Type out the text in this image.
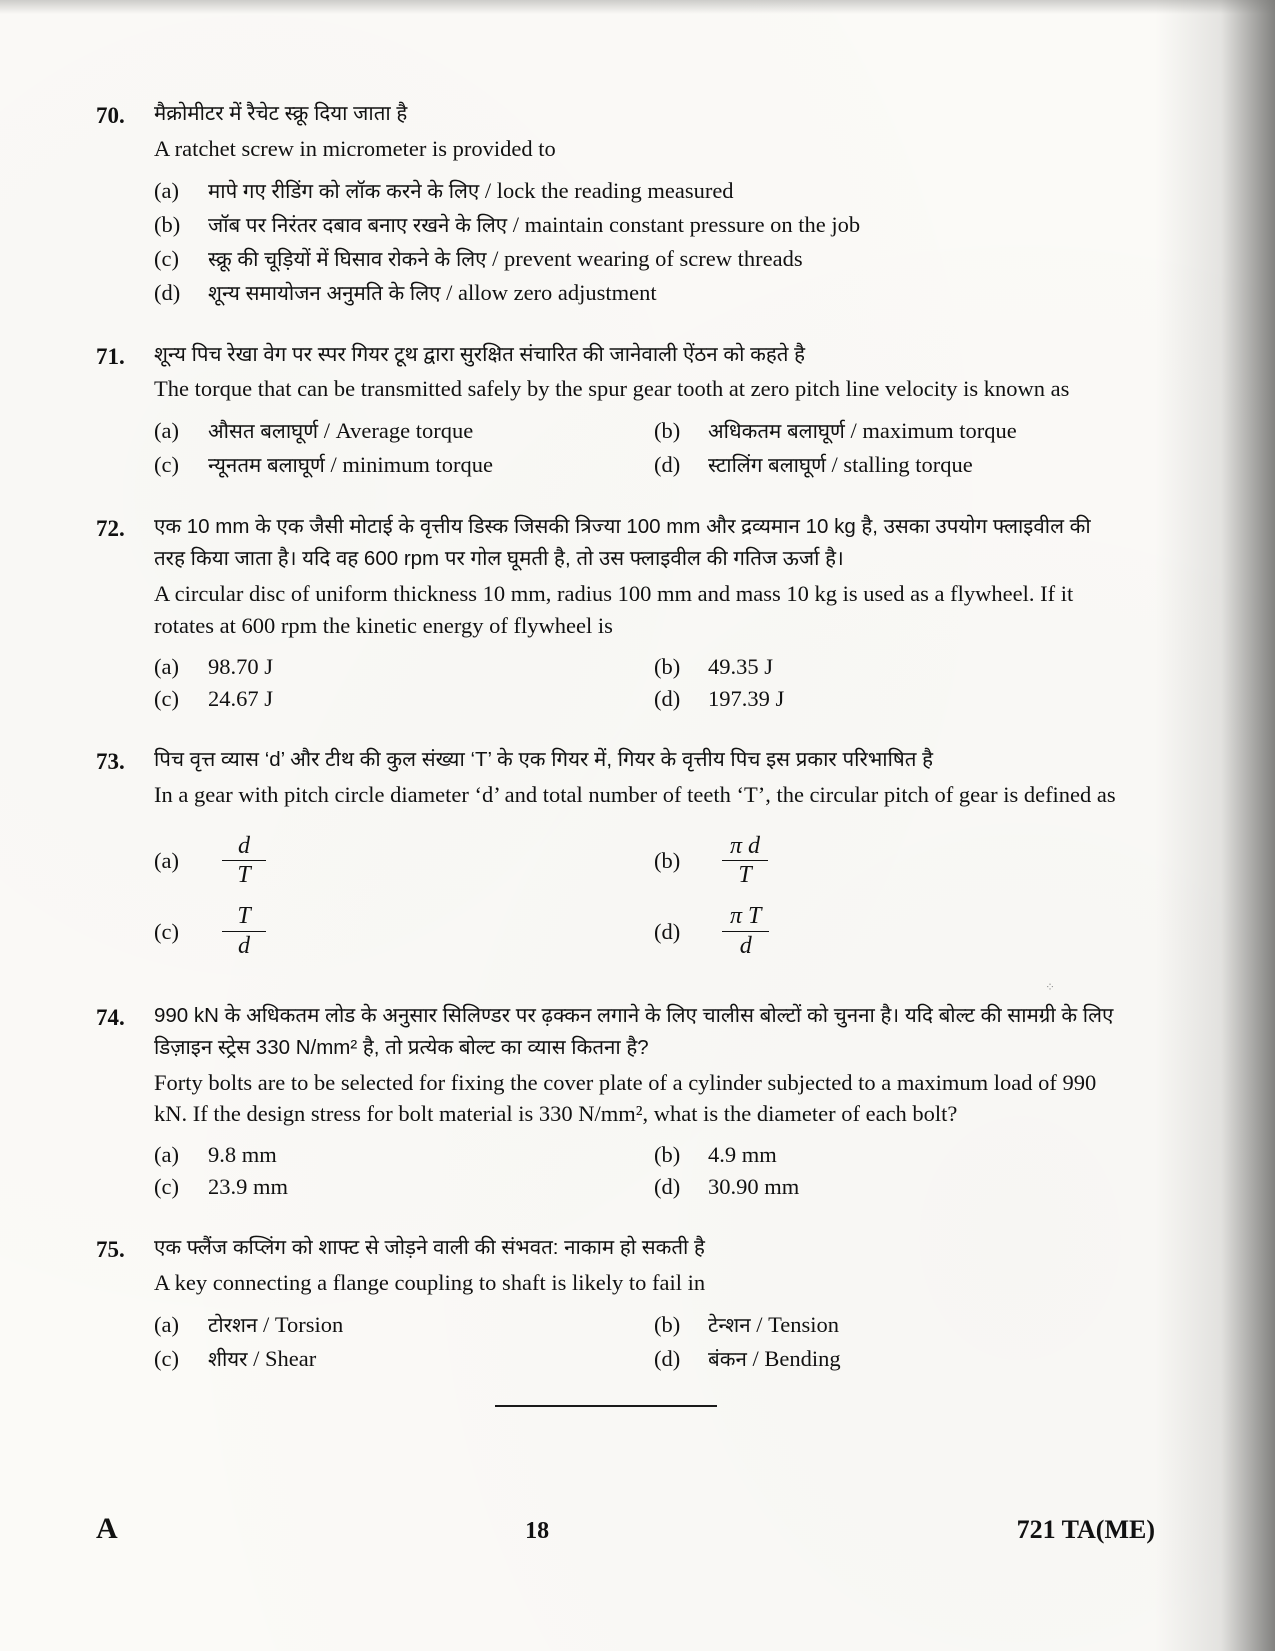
70.	मैक्रोमीटर में रैचेट स्क्रू दिया जाता है
A ratchet screw in micrometer is provided to
(a)	मापे गए रीडिंग को लॉक करने के लिए / lock the reading measured
(b)	जॉब पर निरंतर दबाव बनाए रखने के लिए / maintain constant pressure on the job
(c)	स्क्रू की चूड़ियों में घिसाव रोकने के लिए / prevent wearing of screw threads
(d)	शून्य समायोजन अनुमति के लिए / allow zero adjustment
71.	शून्य पिच रेखा वेग पर स्पर गियर टूथ द्वारा सुरक्षित संचारित की जानेवाली ऐंठन को कहते है
The torque that can be transmitted safely by the spur gear tooth at zero pitch line velocity is known as
(a)	औसत बलाघूर्ण / Average torque	(b)	अधिकतम बलाघूर्ण / maximum torque
(c)	न्यूनतम बलाघूर्ण / minimum torque	(d)	स्टालिंग बलाघूर्ण / stalling torque
72.	एक 10 mm के एक जैसी मोटाई के वृत्तीय डिस्क जिसकी त्रिज्या 100 mm और द्रव्यमान 10 kg है, उसका उपयोग फ्लाइवील की तरह किया जाता है। यदि वह 600 rpm पर गोल घूमती है, तो उस फ्लाइवील की गतिज ऊर्जा है।
A circular disc of uniform thickness 10 mm, radius 100 mm and mass 10 kg is used as a flywheel. If it rotates at 600 rpm the kinetic energy of flywheel is
(a)	98.70 J	(b)	49.35 J
(c)	24.67 J	(d)	197.39 J
73.	पिच वृत्त व्यास ‘d’ और टीथ की कुल संख्या ‘T’ के एक गियर में, गियर के वृत्तीय पिच इस प्रकार परिभाषित है
In a gear with pitch circle diameter ‘d’ and total number of teeth ‘T’, the circular pitch of gear is defined as
(a)	$\frac{d}{T}$	(b)	$\frac{\text{π d}}{T}$
(c)	$\frac{T}{d}$	(d)	$\frac{\text{π T}}{d}$
74.	990 kN के अधिकतम लोड के अनुसार सिलिण्डर पर ढ़क्कन लगाने के लिए चालीस बोल्टों को चुनना है। यदि बोल्ट की सामग्री के लिए डिज़ाइन स्ट्रेस 330 N/mm² है, तो प्रत्येक बोल्ट का व्यास कितना है?
Forty bolts are to be selected for fixing the cover plate of a cylinder subjected to a maximum load of 990 kN. If the design stress for bolt material is 330 N/mm², what is the diameter of each bolt?
(a)	9.8 mm	(b)	4.9 mm
(c)	23.9 mm	(d)	30.90 mm
75.	एक फ्लैंज कप्लिंग को शाफ्ट से जोड़ने वाली की संभवत: नाकाम हो सकती है
A key connecting a flange coupling to shaft is likely to fail in
(a)	टोरशन / Torsion	(b)	टेन्शन / Tension
(c)	शीयर / Shear	(d)	बंकन / Bending
A	18	721 TA(ME)
⁘
